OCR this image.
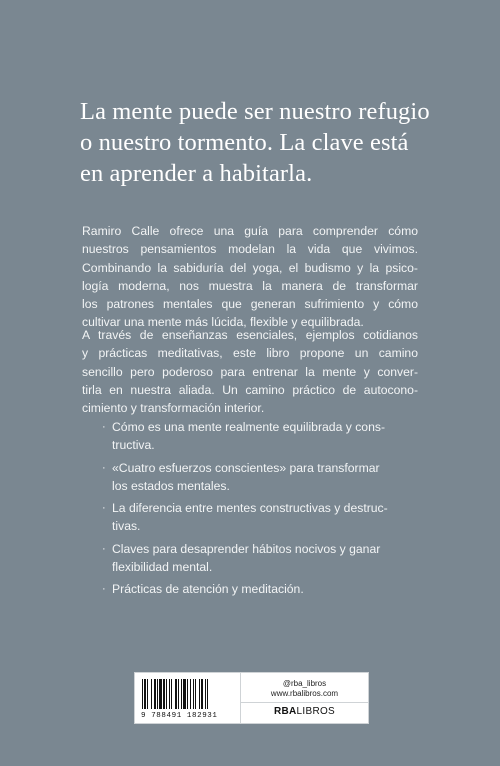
La mente puede ser nuestro refugio
o nuestro tormento. La clave está
en aprender a habitarla.
Ramiro Calle ofrece una guía para comprender cómo
nuestros pensamientos modelan la vida que vivimos.
Combinando la sabiduría del yoga, el budismo y la psico-
logía moderna, nos muestra la manera de transformar
los patrones mentales que generan sufrimiento y cómo
cultivar una mente más lúcida, flexible y equilibrada.
A través de enseñanzas esenciales, ejemplos cotidianos
y prácticas meditativas, este libro propone un camino
sencillo pero poderoso para entrenar la mente y conver-
tirla en nuestra aliada. Un camino práctico de autocono-
cimiento y transformación interior.
· Cómo es una mente realmente equilibrada y cons-
tructiva.
· «Cuatro esfuerzos conscientes» para transformar
los estados mentales.
· La diferencia entre mentes constructivas y destruc-
tivas.
· Claves para desaprender hábitos nocivos y ganar
flexibilidad mental.
· Prácticas de atención y meditación.
9 788491 182931
@rba_libros
www.rbalibros.com
RBALIBROS
